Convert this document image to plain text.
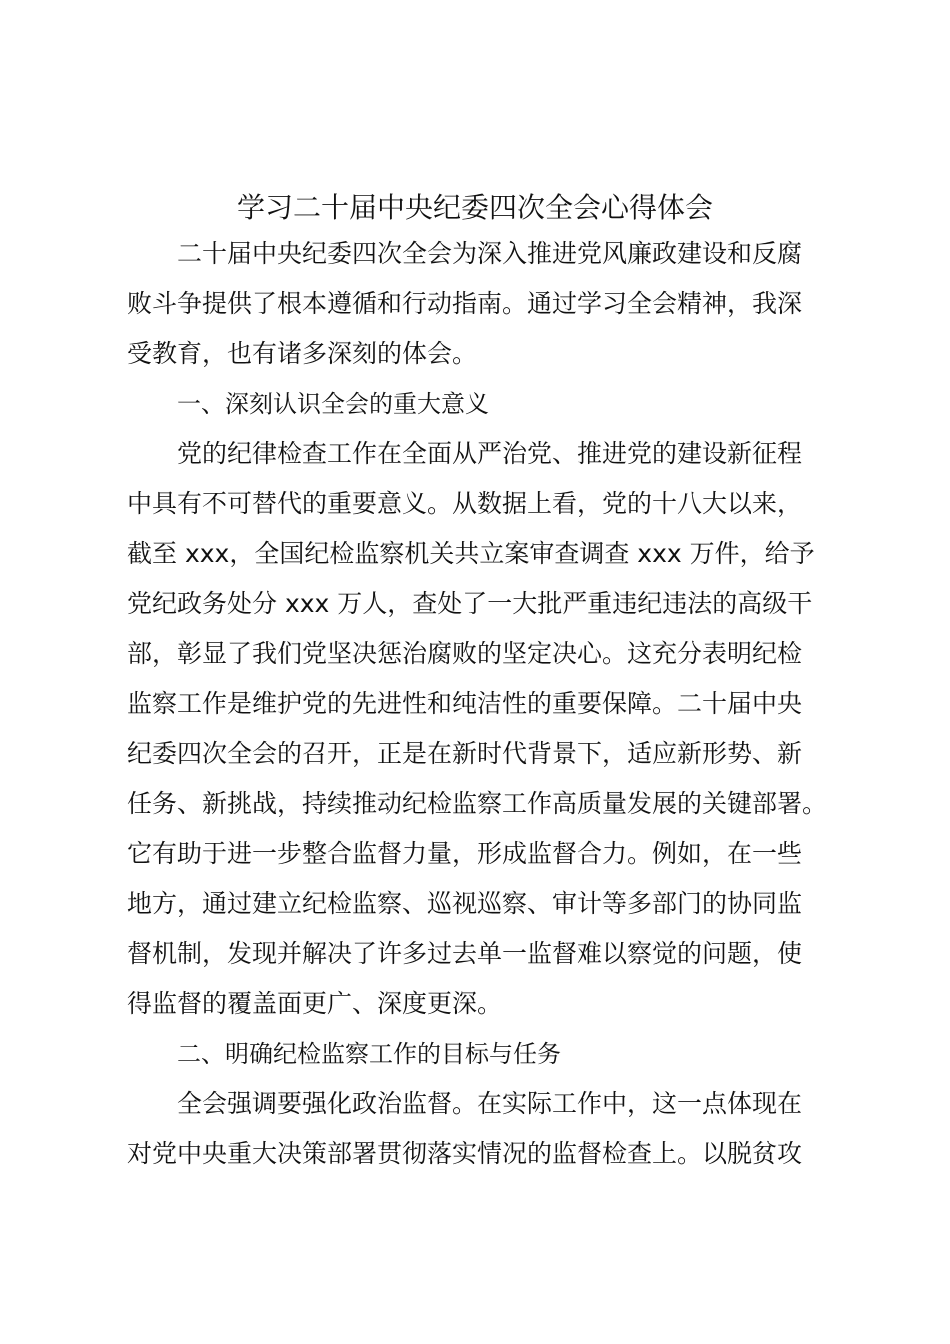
学习二十届中央纪委四次全会心得体会
二十届中央纪委四次全会为深入推进党风廉政建设和反腐
败斗争提供了根本遵循和行动指南。通过学习全会精神，我深
受教育，也有诸多深刻的体会。
一、深刻认识全会的重大意义
党的纪律检查工作在全面从严治党、推进党的建设新征程
中具有不可替代的重要意义。从数据上看，党的十八大以来，
截至 xxx，全国纪检监察机关共立案审查调查 xxx 万件，给予
党纪政务处分 xxx 万人，查处了一大批严重违纪违法的高级干
部，彰显了我们党坚决惩治腐败的坚定决心。这充分表明纪检
监察工作是维护党的先进性和纯洁性的重要保障。二十届中央
纪委四次全会的召开，正是在新时代背景下，适应新形势、新
任务、新挑战，持续推动纪检监察工作高质量发展的关键部署。
它有助于进一步整合监督力量，形成监督合力。例如，在一些
地方，通过建立纪检监察、巡视巡察、审计等多部门的协同监
督机制，发现并解决了许多过去单一监督难以察觉的问题，使
得监督的覆盖面更广、深度更深。
二、明确纪检监察工作的目标与任务
全会强调要强化政治监督。在实际工作中，这一点体现在
对党中央重大决策部署贯彻落实情况的监督检查上。以脱贫攻
